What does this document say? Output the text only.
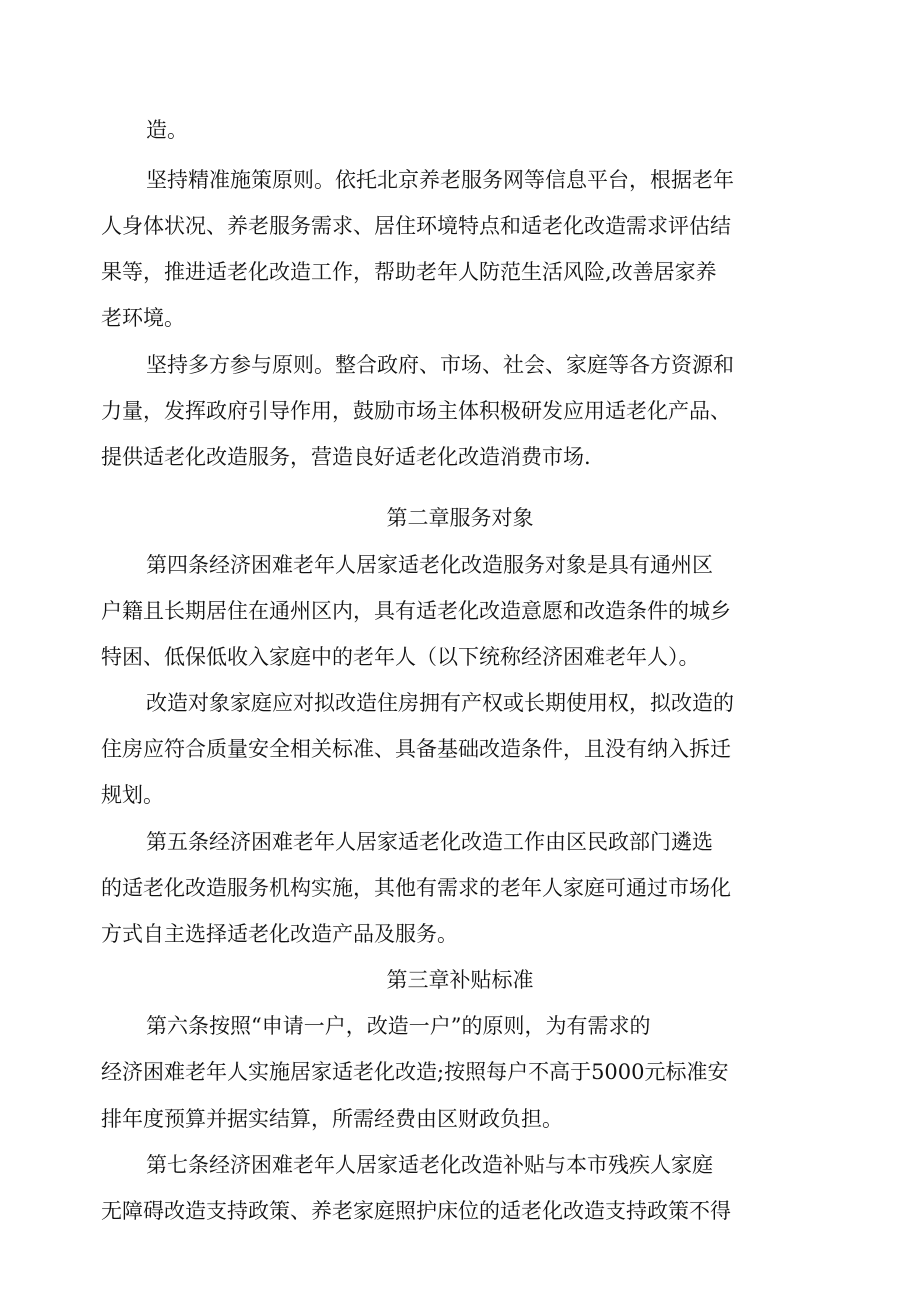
造。
坚持精准施策原则。依托北京养老服务网等信息平台，根据老年
人身体状况、养老服务需求、居住环境特点和适老化改造需求评估结
果等，推进适老化改造工作，帮助老年人防范生活风险,改善居家养
老环境。
坚持多方参与原则。整合政府、市场、社会、家庭等各方资源和
力量，发挥政府引导作用，鼓励市场主体积极研发应用适老化产品、
提供适老化改造服务，营造良好适老化改造消费市场.
第二章服务对象
第四条经济困难老年人居家适老化改造服务对象是具有通州区
户籍且长期居住在通州区内，具有适老化改造意愿和改造条件的城乡
特困、低保低收入家庭中的老年人（以下统称经济困难老年人）。
改造对象家庭应对拟改造住房拥有产权或长期使用权，拟改造的
住房应符合质量安全相关标准、具备基础改造条件，且没有纳入拆迁
规划。
第五条经济困难老年人居家适老化改造工作由区民政部门遴选
的适老化改造服务机构实施，其他有需求的老年人家庭可通过市场化
方式自主选择适老化改造产品及服务。
第三章补贴标准
第六条按照“申请一户，改造一户”的原则，为有需求的
经济困难老年人实施居家适老化改造;按照每户不高于5000元标准安
排年度预算并据实结算，所需经费由区财政负担。
第七条经济困难老年人居家适老化改造补贴与本市残疾人家庭
无障碍改造支持政策、养老家庭照护床位的适老化改造支持政策不得
